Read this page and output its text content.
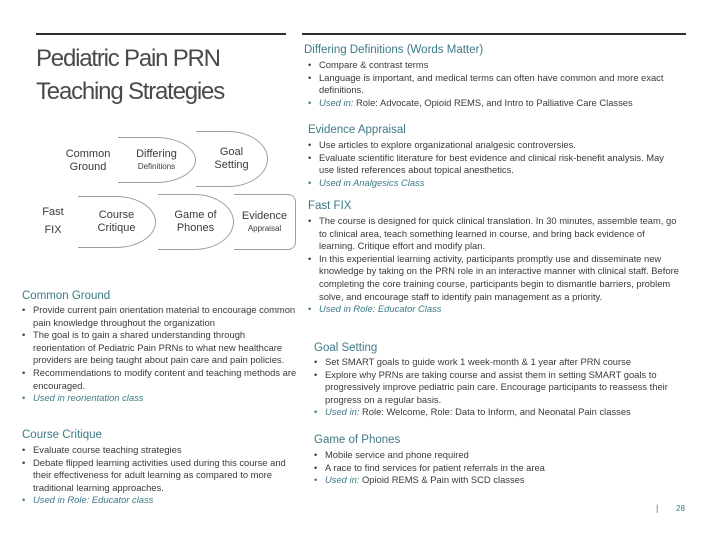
Pediatric Pain PRN Teaching Strategies
Common Ground
Differing
Definitions
Goal Setting
Fast
FIX
Course Critique
Game of Phones
Evidence
Appraisal
Common Ground
• Provide current pain orientation material to encourage common pain knowledge throughout the organization
• The goal is to gain a shared understanding through reorientation of Pediatric Pain PRNs to what new healthcare providers are being taught about pain care and pain policies.
• Recommendations to modify content and teaching methods are encouraged.
• Used in reorientation class
Course Critique
• Evaluate course teaching strategies
• Debate flipped learning activities used during this course and their effectiveness for adult learning as compared to more traditional learning approaches.
• Used in Role: Educator class
Differing Definitions (Words Matter)
• Compare & contrast terms
• Language is important, and medical terms can often have common and more exact definitions.
• Used in: Role: Advocate, Opioid REMS, and Intro to Palliative Care Classes
Evidence Appraisal
• Use articles to explore organizational analgesic controversies.
• Evaluate scientific literature for best evidence and clinical risk-benefit analysis. May use listed references about topical anesthetics.
• Used in Analgesics Class
Fast FIX
• The course is designed for quick clinical translation. In 30 minutes, assemble team, go to clinical area, teach something learned in course, and bring back evidence of learning. Critique effort and modify plan.
• In this experiential learning activity, participants promptly use and disseminate new knowledge by taking on the PRN role in an interactive manner with clinical staff. Before completing the core training course, participants begin to dismantle barriers, problem solve, and encourage staff to identify pain management as a priority.
• Used in Role: Educator Class
Goal Setting
• Set SMART goals to guide work 1 week-month & 1 year after PRN course
• Explore why PRNs are taking course and assist them in setting SMART goals to progressively improve pediatric pain care. Encourage participants to reassess their progress on a regular basis.
• Used in: Role: Welcome, Role: Data to Inform, and Neonatal Pain classes
Game of Phones
• Mobile service and phone required
• A race to find services for patient referrals in the area
• Used in: Opioid REMS & Pain with SCD classes
| 28
